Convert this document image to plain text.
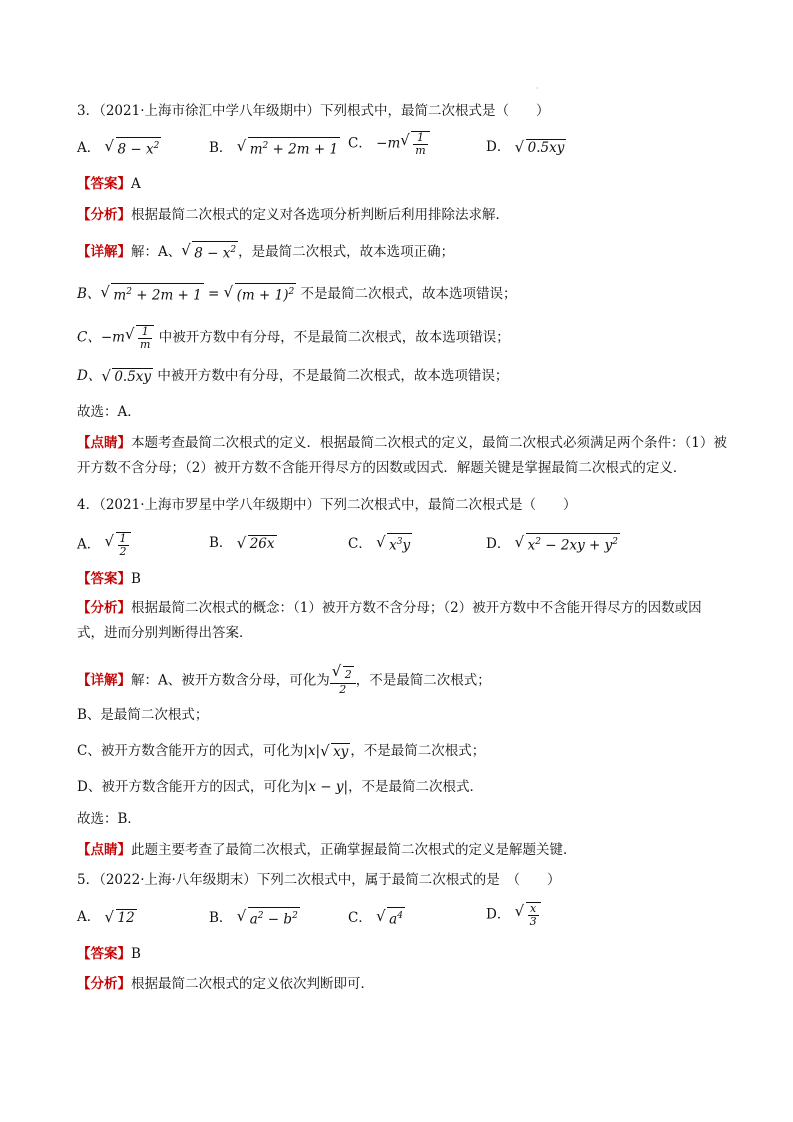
·
3．（2021·上海市徐汇中学八年级期中）下列根式中，最简二次根式是（　　）
A． √ $8 - x^2$	B． √ $m^2 + 2m + 1$ C． −m √ $\frac{1}{m}$	D． √ 0.5xy
【答案】A
【分析】根据最简二次根式的定义对各选项分析判断后利用排除法求解．
【详解】解：A、 √ $8 - x^2$ ，是最简二次根式，故本选项正确；
B、 √ $m^2 + 2m + 1$ = √ $(m + 1)^2$ 不是最简二次根式，故本选项错误；
C、−m √ $\frac{1}{m}$ 中被开方数中有分母，不是最简二次根式，故本选项错误；
D、 √ 0.5xy 中被开方数中有分母，不是最简二次根式，故本选项错误；
故选：A．
【点睛】本题考查最简二次根式的定义．根据最简二次根式的定义，最简二次根式必须满足两个条件：（1）被开方数不含分母；（2）被开方数不含能开得尽方的因数或因式．解题关键是掌握最简二次根式的定义．
4．（2021·上海市罗星中学八年级期中）下列二次根式中，最简二次根式是（　　）
A． √ $\frac{1}{2}$	B． √ 26x	C． √ $x^3y$	D． √ $x^2 - 2xy + y^2$
【答案】B
【分析】根据最简二次根式的概念：（1）被开方数不含分母；（2）被开方数中不含能开得尽方的因数或因式，进而分别判断得出答案．
【详解】解：A、被开方数含分母，可化为 √ $\frac{2}{2}$ ，不是最简二次根式；
B、是最简二次根式；
C、被开方数含能开方的因式，可化为|x| √ xy ，不是最简二次根式；
D、被开方数含能开方的因式，可化为|x − y|，不是最简二次根式．
故选：B．
【点睛】此题主要考查了最简二次根式，正确掌握最简二次根式的定义是解题关键．
5．（2022·上海·八年级期末）下列二次根式中，属于最简二次根式的是　（　　）
A． √ 12	B． √ $a^2 - b^2$	C． √ $a^4$	D． √ $\frac{x}{3}$
【答案】B
【分析】根据最简二次根式的定义依次判断即可．
